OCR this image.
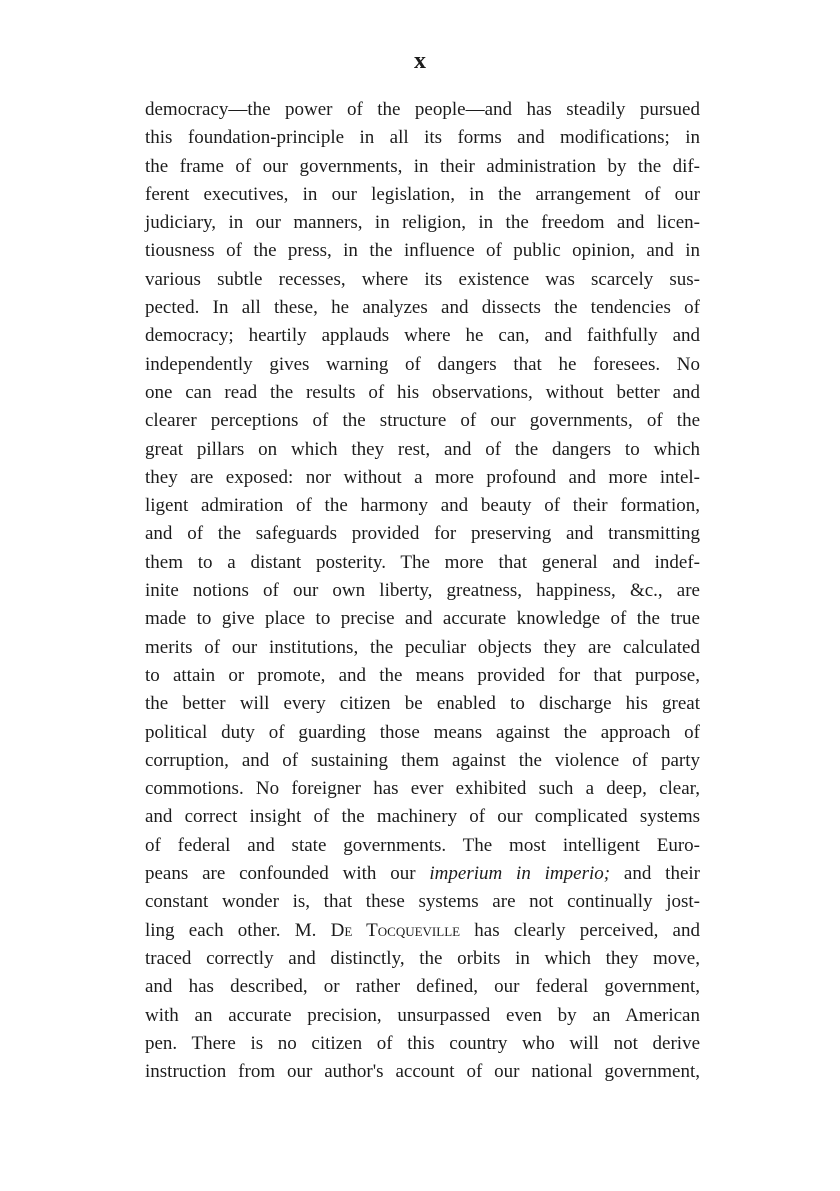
x
democracy—the power of the people—and has steadily pursued
this foundation-principle in all its forms and modifications; in
the frame of our governments, in their administration by the dif-
ferent executives, in our legislation, in the arrangement of our
judiciary, in our manners, in religion, in the freedom and licen-
tiousness of the press, in the influence of public opinion, and in
various subtle recesses, where its existence was scarcely sus-
pected. In all these, he analyzes and dissects the tendencies of
democracy; heartily applauds where he can, and faithfully and
independently gives warning of dangers that he foresees. No
one can read the results of his observations, without better and
clearer perceptions of the structure of our governments, of the
great pillars on which they rest, and of the dangers to which
they are exposed: nor without a more profound and more intel-
ligent admiration of the harmony and beauty of their formation,
and of the safeguards provided for preserving and transmitting
them to a distant posterity. The more that general and indef-
inite notions of our own liberty, greatness, happiness, &c., are
made to give place to precise and accurate knowledge of the true
merits of our institutions, the peculiar objects they are calculated
to attain or promote, and the means provided for that purpose,
the better will every citizen be enabled to discharge his great
political duty of guarding those means against the approach of
corruption, and of sustaining them against the violence of party
commotions. No foreigner has ever exhibited such a deep, clear,
and correct insight of the machinery of our complicated systems
of federal and state governments. The most intelligent Euro-
peans are confounded with our imperium in imperio; and their
constant wonder is, that these systems are not continually jost-
ling each other. M. De Tocqueville has clearly perceived, and
traced correctly and distinctly, the orbits in which they move,
and has described, or rather defined, our federal government,
with an accurate precision, unsurpassed even by an American
pen. There is no citizen of this country who will not derive
instruction from our author's account of our national government,
